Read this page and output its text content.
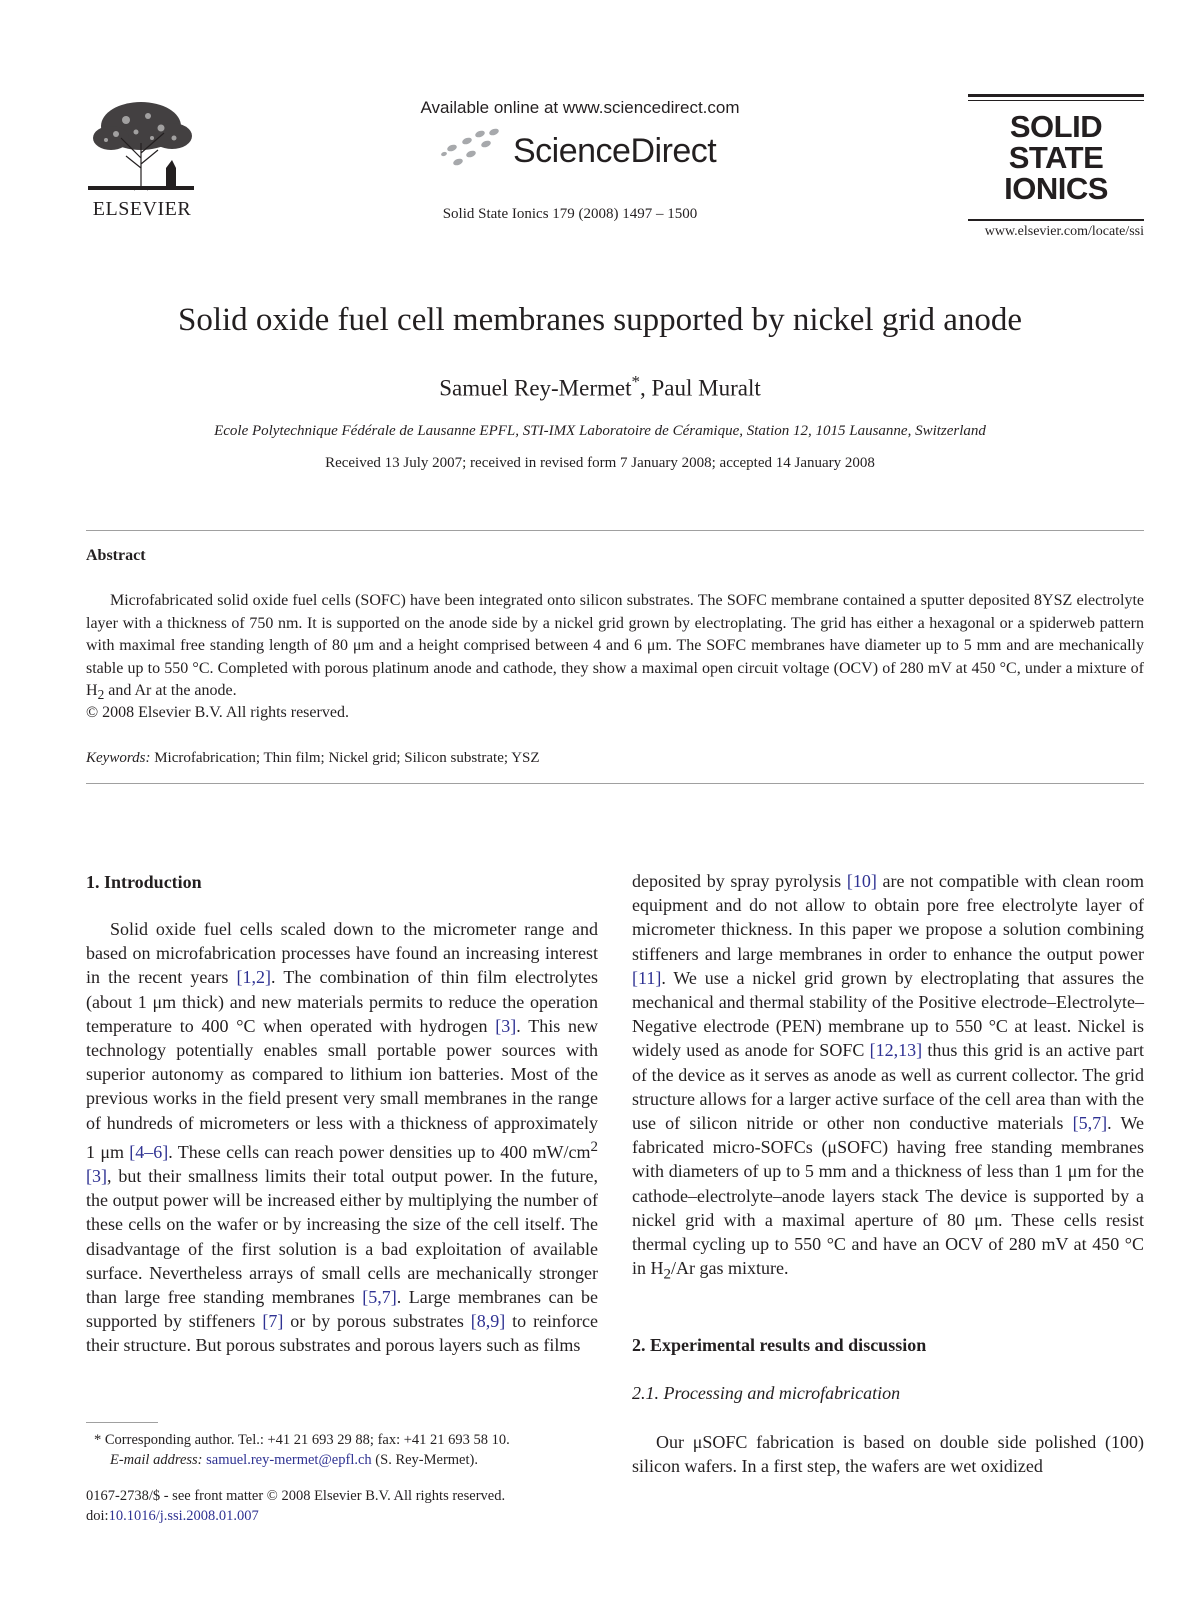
ELSEVIER
Available online at www.sciencedirect.com
ScienceDirect
Solid State Ionics 179 (2008) 1497 – 1500
SOLID
STATE
IONICS
www.elsevier.com/locate/ssi
Solid oxide fuel cell membranes supported by nickel grid anode
Samuel Rey-Mermet*, Paul Muralt
Ecole Polytechnique Fédérale de Lausanne EPFL, STI-IMX Laboratoire de Céramique, Station 12, 1015 Lausanne, Switzerland
Received 13 July 2007; received in revised form 7 January 2008; accepted 14 January 2008
Abstract
Microfabricated solid oxide fuel cells (SOFC) have been integrated onto silicon substrates. The SOFC membrane contained a sputter deposited 8YSZ electrolyte layer with a thickness of 750 nm. It is supported on the anode side by a nickel grid grown by electroplating. The grid has either a hexagonal or a spiderweb pattern with maximal free standing length of 80 μm and a height comprised between 4 and 6 μm. The SOFC membranes have diameter up to 5 mm and are mechanically stable up to 550 °C. Completed with porous platinum anode and cathode, they show a maximal open circuit voltage (OCV) of 280 mV at 450 °C, under a mixture of $H_2$ and Ar at the anode.
© 2008 Elsevier B.V. All rights reserved.
Keywords: Microfabrication; Thin film; Nickel grid; Silicon substrate; YSZ
1. Introduction

Solid oxide fuel cells scaled down to the micrometer range and based on microfabrication processes have found an increasing interest in the recent years [1,2]. The combination of thin film electrolytes (about 1 μm thick) and new materials permits to reduce the operation temperature to 400 °C when operated with hydrogen [3]. This new technology potentially enables small portable power sources with superior autonomy as compared to lithium ion batteries. Most of the previous works in the field present very small membranes in the range of hundreds of micrometers or less with a thickness of approximately 1 μm [4–6]. These cells can reach power densities up to 400 $mW/cm^2$ [3], but their smallness limits their total output power. In the future, the output power will be increased either by multiplying the number of these cells on the wafer or by increasing the size of the cell itself. The disadvantage of the first solution is a bad exploitation of available surface. Nevertheless arrays of small cells are mechanically stronger than large free standing membranes [5,7]. Large membranes can be supported by stiffeners [7] or by porous substrates [8,9] to reinforce their structure. But porous substrates and porous layers such as films

deposited by spray pyrolysis [10] are not compatible with clean room equipment and do not allow to obtain pore free electrolyte layer of micrometer thickness. In this paper we propose a solution combining stiffeners and large membranes in order to enhance the output power [11]. We use a nickel grid grown by electroplating that assures the mechanical and thermal stability of the Positive electrode–Electrolyte–Negative electrode (PEN) membrane up to 550 °C at least. Nickel is widely used as anode for SOFC [12,13] thus this grid is an active part of the device as it serves as anode as well as current collector. The grid structure allows for a larger active surface of the cell area than with the use of silicon nitride or other non conductive materials [5,7]. We fabricated micro-SOFCs (μSOFC) having free standing membranes with diameters of up to 5 mm and a thickness of less than 1 μm for the cathode–electrolyte–anode layers stack The device is supported by a nickel grid with a maximal aperture of 80 μm. These cells resist thermal cycling up to 550 °C and have an OCV of 280 mV at 450 °C in $H_2/Ar$ gas mixture.

2. Experimental results and discussion
2.1. Processing and microfabrication

Our μSOFC fabrication is based on double side polished (100) silicon wafers. In a first step, the wafers are wet oxidized

* Corresponding author. Tel.: +41 21 693 29 88; fax: +41 21 693 58 10.
E-mail address: samuel.rey-mermet@epfl.ch (S. Rey-Mermet).
0167-2738/$ - see front matter © 2008 Elsevier B.V. All rights reserved.
doi:10.1016/j.ssi.2008.01.007
